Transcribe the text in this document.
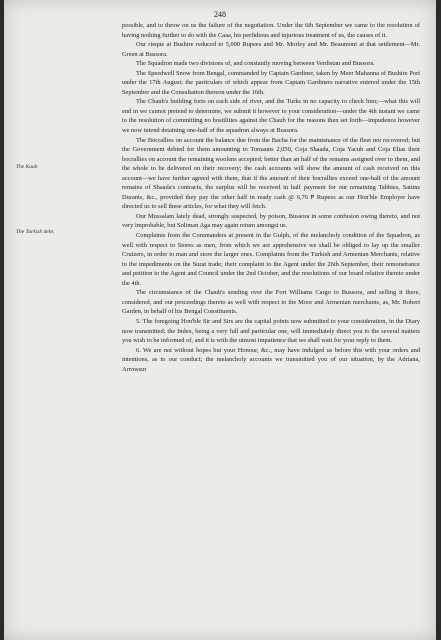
248
The Kaab
The Turkish debt.

possible, and to throw on us the failure of the negotiation. Under the 6th September we came to the resolution of having nothing further to do with the Caaa, his perfidious and injurious treatment of us, the causes of it.

Our rieque at Bushire reduced to 5,000 Rupees and Mr. Morley and Mr. Beaumont at that settlement—Mr. Green at Bussora.

The Squadron made two divisions of, and constantly moving between Verdistan and Bussora.

The Speedwell Snow from Bengal, commanded by Captain Gardiner, taken by Meer Mahanna of Bushire Port under the 17th August; the particulars of which appear from Captain Gardiners narrative entered under the 15th September and the Consultation thereon under the 16th.

The Chaub's building forts on each side of river, and the Turks in no capacity to check him;—what this will end in we cannot pretend to determine, we submit it however to your consideration—under the 4th instant we came to the resolution of committing no hostilities against the Chaub for the reasons then set forth—impudence however we now intend detaining one-half of the squadron always at Bussora.

The Bocrallies on account the balance due from the Bacha for the maintenance of the fleet not recovered; but the Government debted for them amounting to Tomauns 2,050, Coja Shaada, Coja Yacub and Coja Elias their bocrallies on account the remaining woolens accepted; better than an half of the remains assigned over to them, and the whole to be delivered on their recovery; the cash accounts will show the amount of cash received on this account—we have further agreed with them, that if the amount of their bocrallies exceed one-half of the amount remains of Shaada's contracts, the surplus will be received in half payment for our remaining Tabbies, Sattins Durants, &c., provided they pay the other half in ready cash @ 6,76 ₱ Rupees as our Hon'ble Employer have directed us to sell these articles, for what they will fetch.

Our Mussalam lately dead, strongly suspected, by poison, Bussora in some confusion owing thereto, and not very improbable, but Soliman Aga may again return amongst us.

Complaints from the Commanders at present in the Gulph, of the melancholy condition of the Squadron, as well with respect to Stores as men, from which we are apprehensive we shall be obliged to lay up the smaller Cruizers, in order to man and store the larger ones. Complaints from the Turkish and Armenian Merchants, relative to the impediments on the Surat trade; their complaint to the Agent under the 26th September, their remonstrance and petition to the Agent and Council under the 2nd October, and the resolutions of our board relative thereto under the 4th.

The circumstance of the Chaub's sending over the Fort Williams Cargo to Bussora, and selling it there, considered, and our proceedings thereto as well with respect to the Moor and Armenian merchants, as, Mr. Robert Garden, in behalf of his Bengal Constituents.

5. The foregoing Hon'ble Sir and Sirs are the capital points now submitted to your consideration, in the Diary now transmitted; the Index, being a very full and particular one, will immediately direct you to the several matters you wish to be informed of, and it is with the utmost impatience that we shall wait for your reply to them.

6. We are not without hopes but your Honour, &c., may have indulged us before this with your orders and intentions, as to our conduct; the melancholy accounts we transmitted you of our situation, by the Adriana, Arrowsur
